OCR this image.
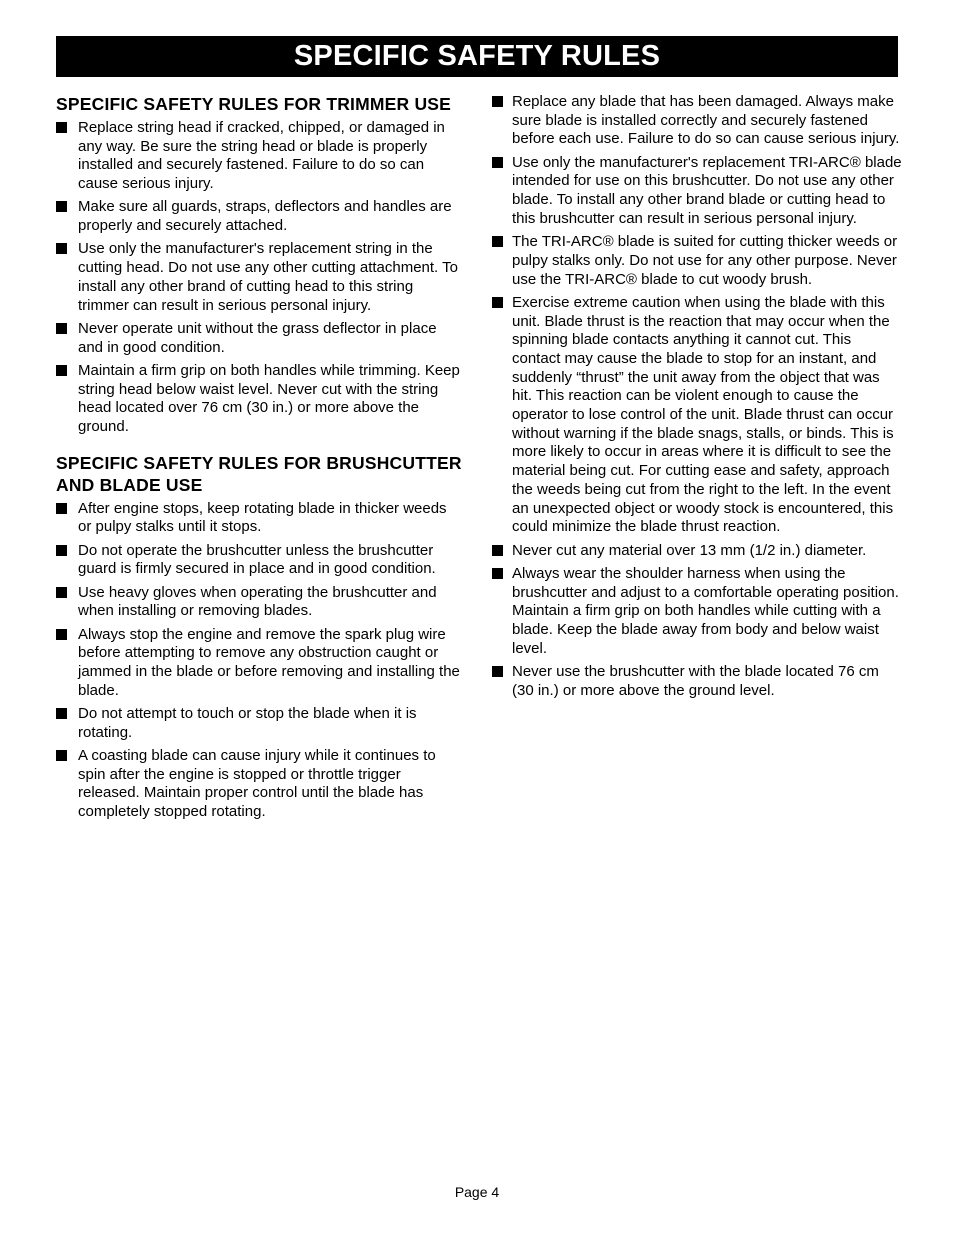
SPECIFIC SAFETY RULES
SPECIFIC SAFETY RULES FOR TRIMMER USE
Replace string head if cracked, chipped, or damaged in any way. Be sure the string head or blade is properly installed and securely fastened. Failure to do so can cause serious injury.
Make sure all guards, straps, deflectors and handles are properly and securely attached.
Use only the manufacturer's replacement string in the cutting head. Do not use any other cutting attachment. To install any other brand of cutting head to this string trimmer can result in serious personal injury.
Never operate unit without the grass deflector in place and in good condition.
Maintain a firm grip on both handles while trimming. Keep string head below waist level. Never cut with the string head located over 76 cm (30 in.) or more above the ground.
SPECIFIC SAFETY RULES FOR BRUSHCUTTER AND BLADE USE
After engine stops, keep rotating blade in thicker weeds or pulpy stalks until it stops.
Do not operate the brushcutter unless the brushcutter guard is firmly secured in place and in good condition.
Use heavy gloves when operating the brushcutter and when installing or removing blades.
Always stop the engine and remove the spark plug wire before attempting to remove any obstruction caught or jammed in the blade or before removing and installing the blade.
Do not attempt to touch or stop the blade when it is rotating.
A coasting blade can cause injury while it continues to spin after the engine is stopped or throttle trigger released. Maintain proper control until the blade has completely stopped rotating.
Replace any blade that has been damaged. Always make sure blade is installed correctly and securely fastened before each use. Failure to do so can cause serious injury.
Use only the manufacturer's replacement TRI-ARC® blade intended for use on this brushcutter. Do not use any other blade. To install any other brand blade or cutting head to this brushcutter can result in serious personal injury.
The TRI-ARC® blade is suited for cutting thicker weeds or pulpy stalks only. Do not use for any other purpose. Never use the TRI-ARC® blade to cut woody brush.
Exercise extreme caution when using the blade with this unit. Blade thrust is the reaction that may occur when the spinning blade contacts anything it cannot cut. This contact may cause the blade to stop for an instant, and suddenly “thrust” the unit away from the object that was hit. This reaction can be violent enough to cause the operator to lose control of the unit. Blade thrust can occur without warning if the blade snags, stalls, or binds. This is more likely to occur in areas where it is difficult to see the material being cut. For cutting ease and safety, approach the weeds being cut from the right to the left. In the event an unexpected object or woody stock is encountered, this could minimize the blade thrust reaction.
Never cut any material over 13 mm (1/2 in.) diameter.
Always wear the shoulder harness when using the brushcutter and adjust to a comfortable operating position. Maintain a firm grip on both handles while cutting with a blade. Keep the blade away from body and below waist level.
Never use the brushcutter with the blade located 76 cm (30 in.) or more above the ground level.
Page 4
